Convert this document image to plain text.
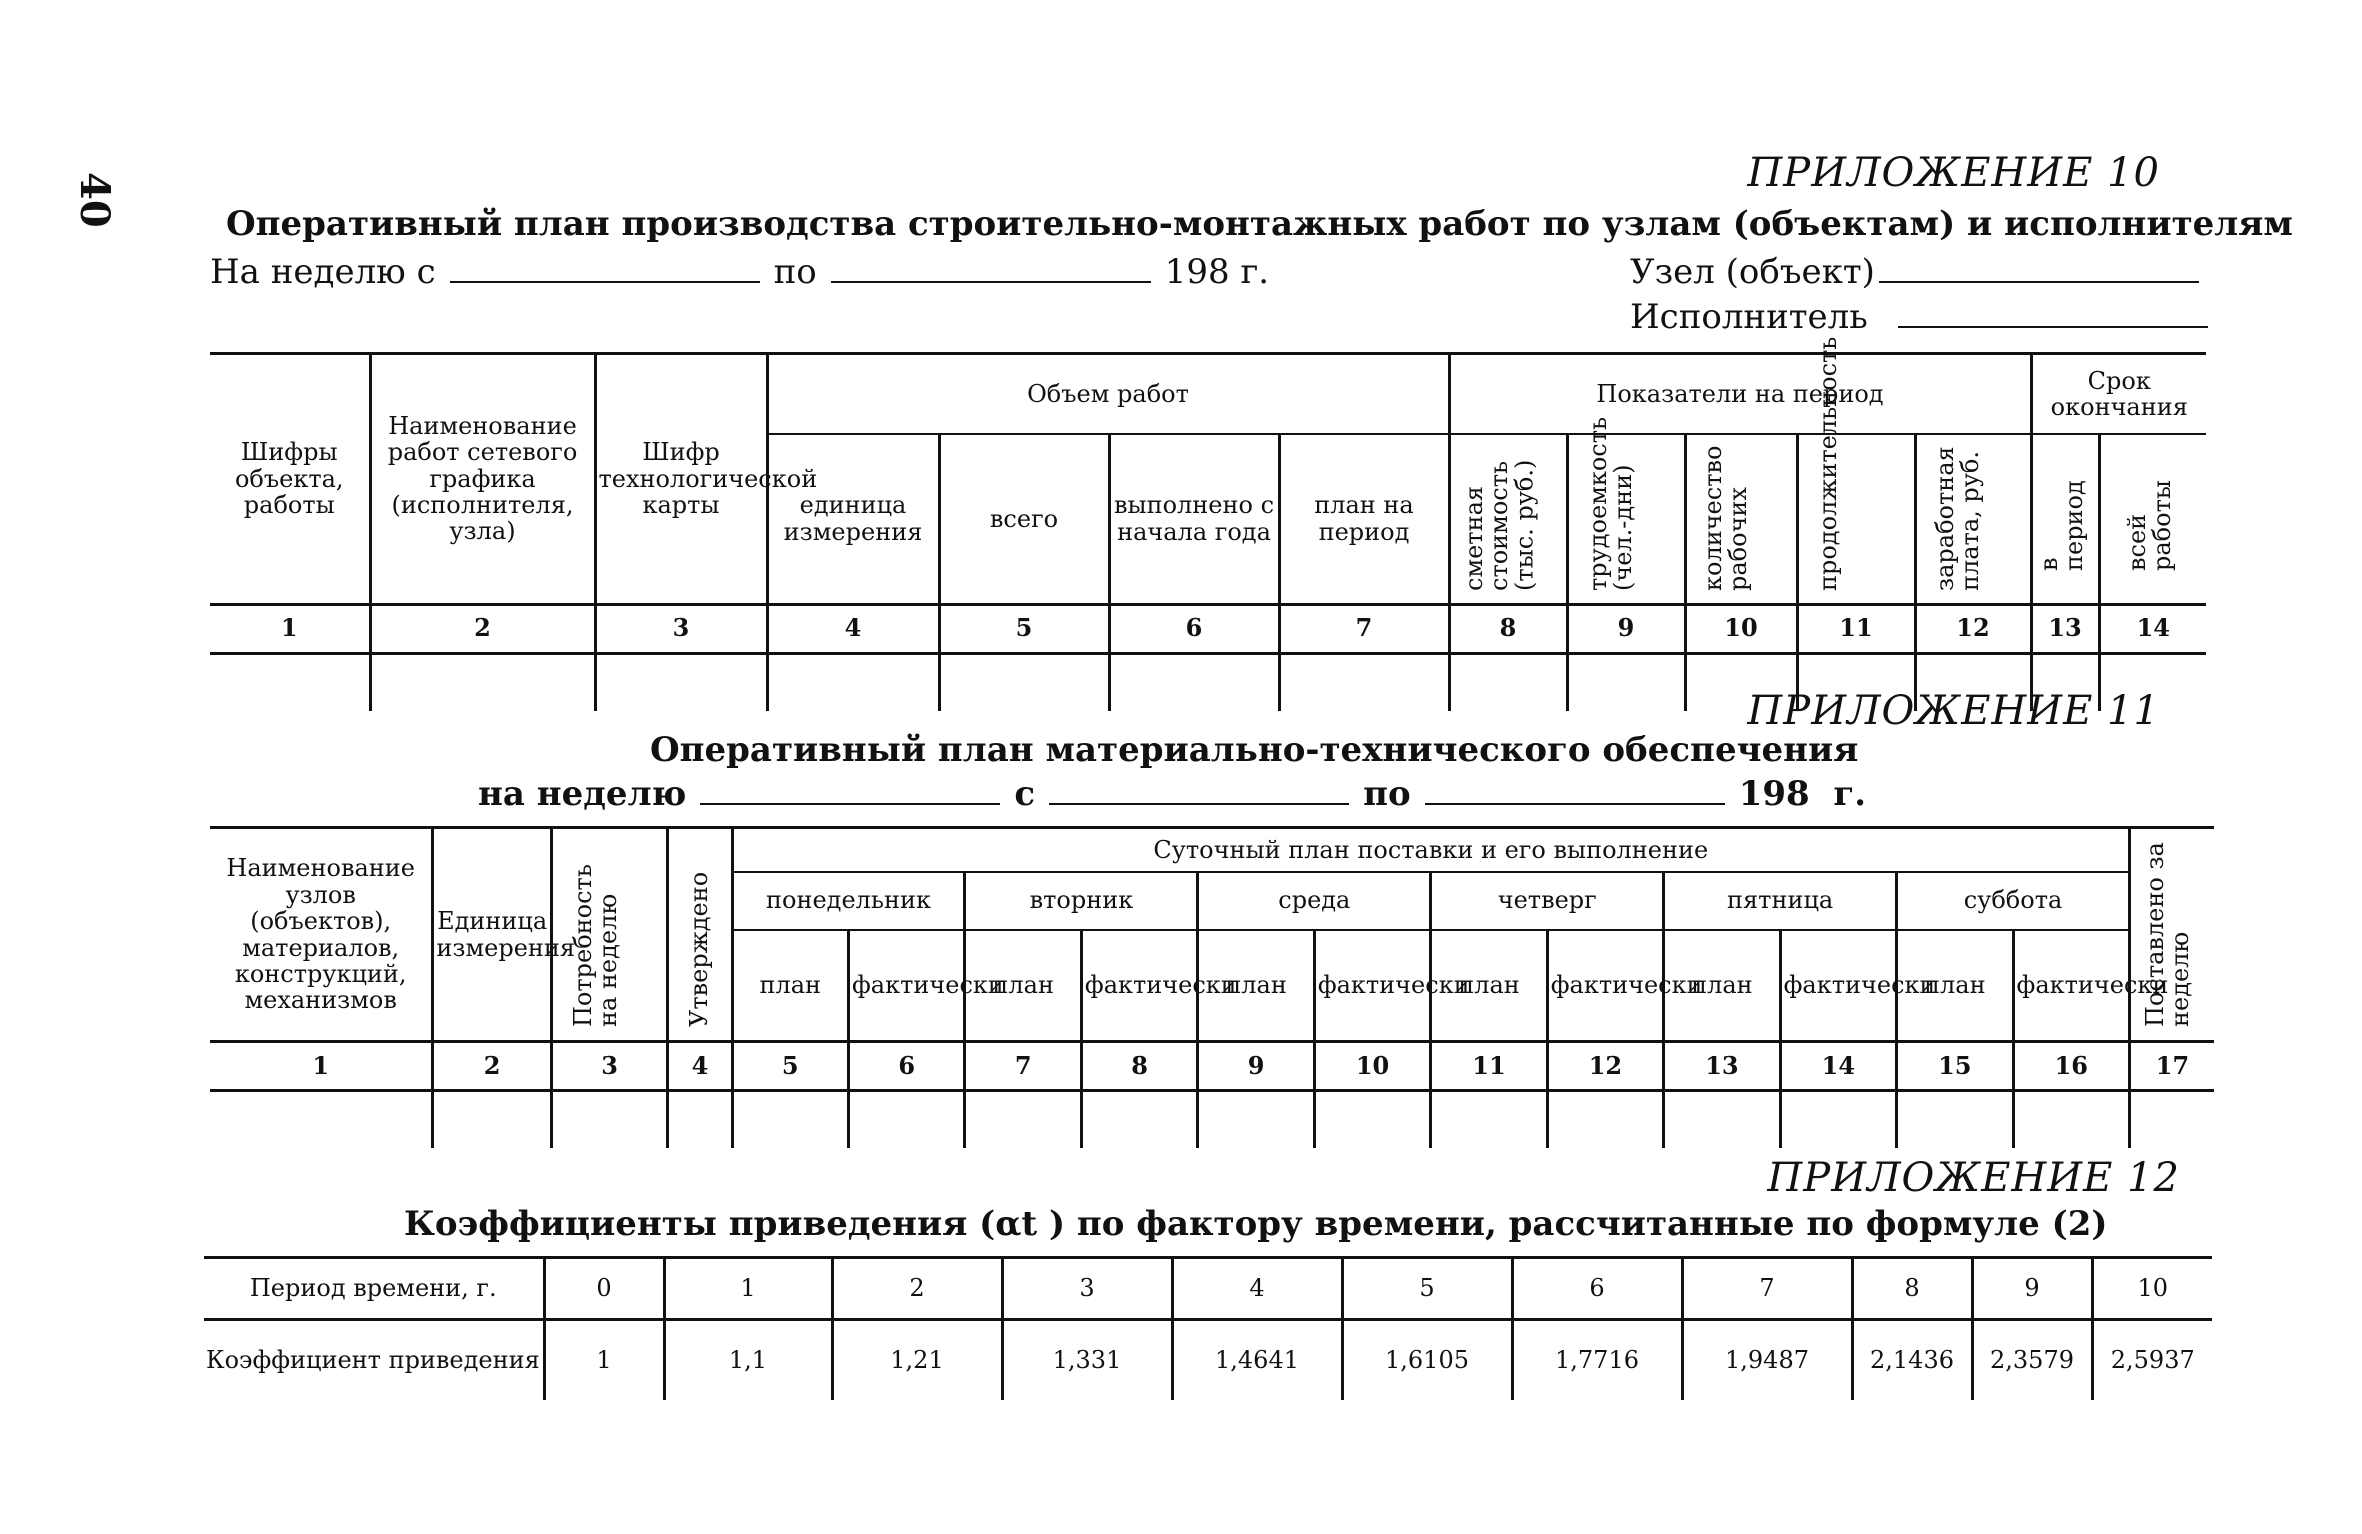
40	ПРИЛОЖЕНИЕ 10
Оперативный план производства строительно-монтажных работ по узлам (объектам) и исполнителям
На неделю с	по	198 г.	Узел (объект)
Исполнитель
Шифры объекта, работы	Наименование работ сетевого графика (исполнителя, узла)	Шифр технологической карты	Объем работ				Показатели на период					Срок окончания	
			единица измерения	всего	выполнено с начала года	план на период	сметная стоимость (тыс. руб.)	трудоемкость (чел.-дни)	количество рабочих	продолжительность	заработная плата, руб.	в период	всей работы
1	2	3	4	5	6	7	8	9	10	11	12	13	14

ПРИЛОЖЕНИЕ 11
Оперативный план материально-технического обеспечения
на неделю	с	по	198 г.
Наименование узлов (объектов), материалов, конструкций, механизмов	Единица измерения	Потребность на неделю	Утверждено	Суточный план поставки и его выполнение												Поставлено за неделю
				понедельник		вторник		среда		четверг		пятница		суббота		
				план	фактически	план	фактически	план	фактически	план	фактически	план	фактически	план	фактически	
1	2	3	4	5	6	7	8	9	10	11	12	13	14	15	16	17

ПРИЛОЖЕНИЕ 12
Коэффициенты приведения (αt ) по фактору времени, рассчитанные по формуле (2)
Период времени, г.	0	1	2	3	4	5	6	7	8	9	10
Коэффициент приведения	1	1,1	1,21	1,331	1,4641	1,6105	1,7716	1,9487	2,1436	2,3579	2,5937
